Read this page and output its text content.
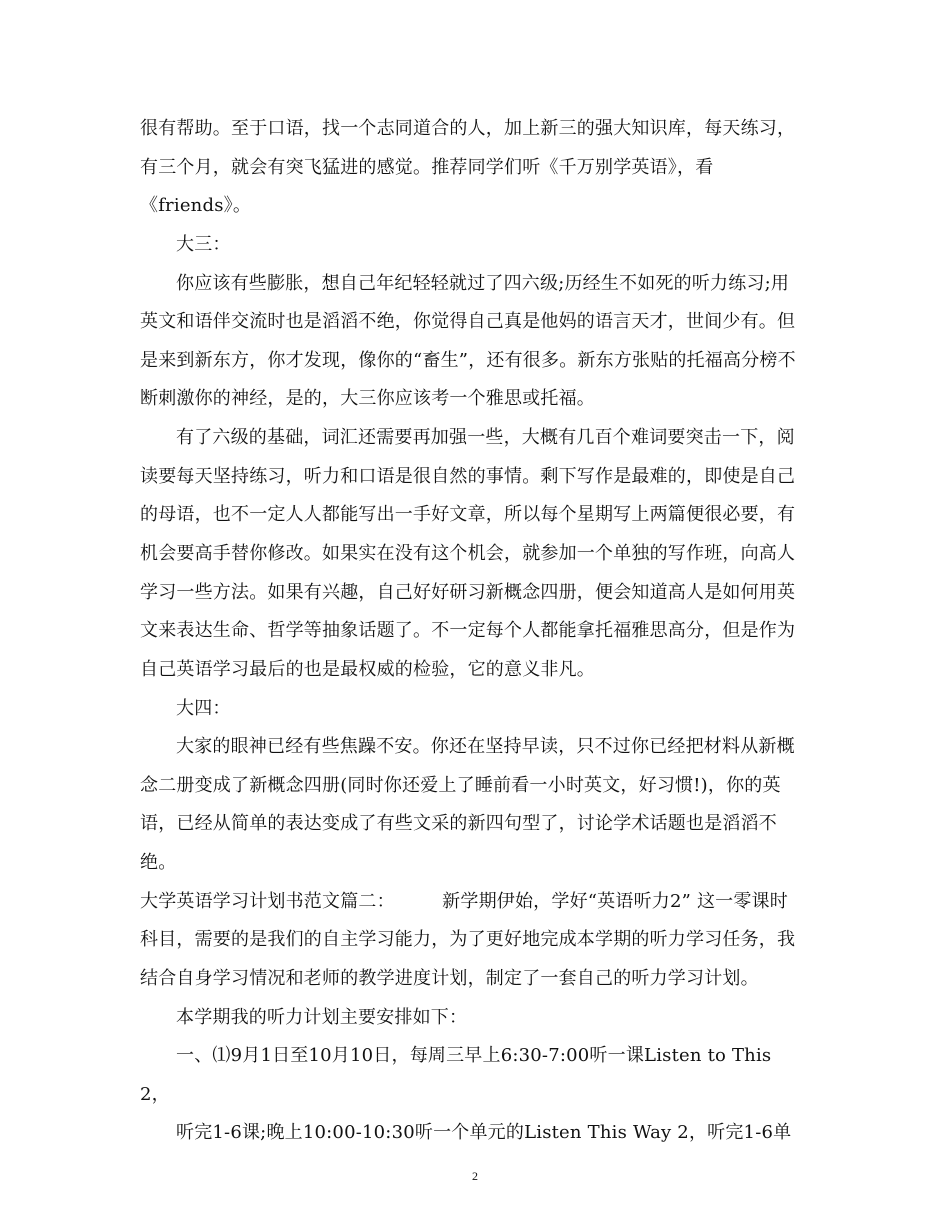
很有帮助。至于口语，找一个志同道合的人，加上新三的强大知识库，每天练习，
有三个月，就会有突飞猛进的感觉。推荐同学们听《千万别学英语》，看
《friends》。
大三：
你应该有些膨胀，想自己年纪轻轻就过了四六级;历经生不如死的听力练习;用
英文和语伴交流时也是滔滔不绝，你觉得自己真是他妈的语言天才，世间少有。但
是来到新东方，你才发现，像你的“畜生”，还有很多。新东方张贴的托福高分榜不
断刺激你的神经，是的，大三你应该考一个雅思或托福。
有了六级的基础，词汇还需要再加强一些，大概有几百个难词要突击一下，阅
读要每天坚持练习，听力和口语是很自然的事情。剩下写作是最难的，即使是自己
的母语，也不一定人人都能写出一手好文章，所以每个星期写上两篇便很必要，有
机会要高手替你修改。如果实在没有这个机会，就参加一个单独的写作班，向高人
学习一些方法。如果有兴趣，自己好好研习新概念四册，便会知道高人是如何用英
文来表达生命、哲学等抽象话题了。不一定每个人都能拿托福雅思高分，但是作为
自己英语学习最后的也是最权威的检验，它的意义非凡。
大四：
大家的眼神已经有些焦躁不安。你还在坚持早读，只不过你已经把材料从新概
念二册变成了新概念四册(同时你还爱上了睡前看一小时英文，好习惯!)，你的英
语，已经从简单的表达变成了有些文采的新四句型了，讨论学术话题也是滔滔不
绝。
大学英语学习计划书范文篇二：        新学期伊始，学好“英语听力2” 这一零课时
科目，需要的是我们的自主学习能力，为了更好地完成本学期的听力学习任务，我
结合自身学习情况和老师的教学进度计划，制定了一套自己的听力学习计划。
本学期我的听力计划主要安排如下：
一、⑴9月1日至10月10日，每周三早上6:30-7:00听一课Listen to This
2，
听完1-6课;晚上10:00-10:30听一个单元的Listen This Way 2，听完1-6单
2
